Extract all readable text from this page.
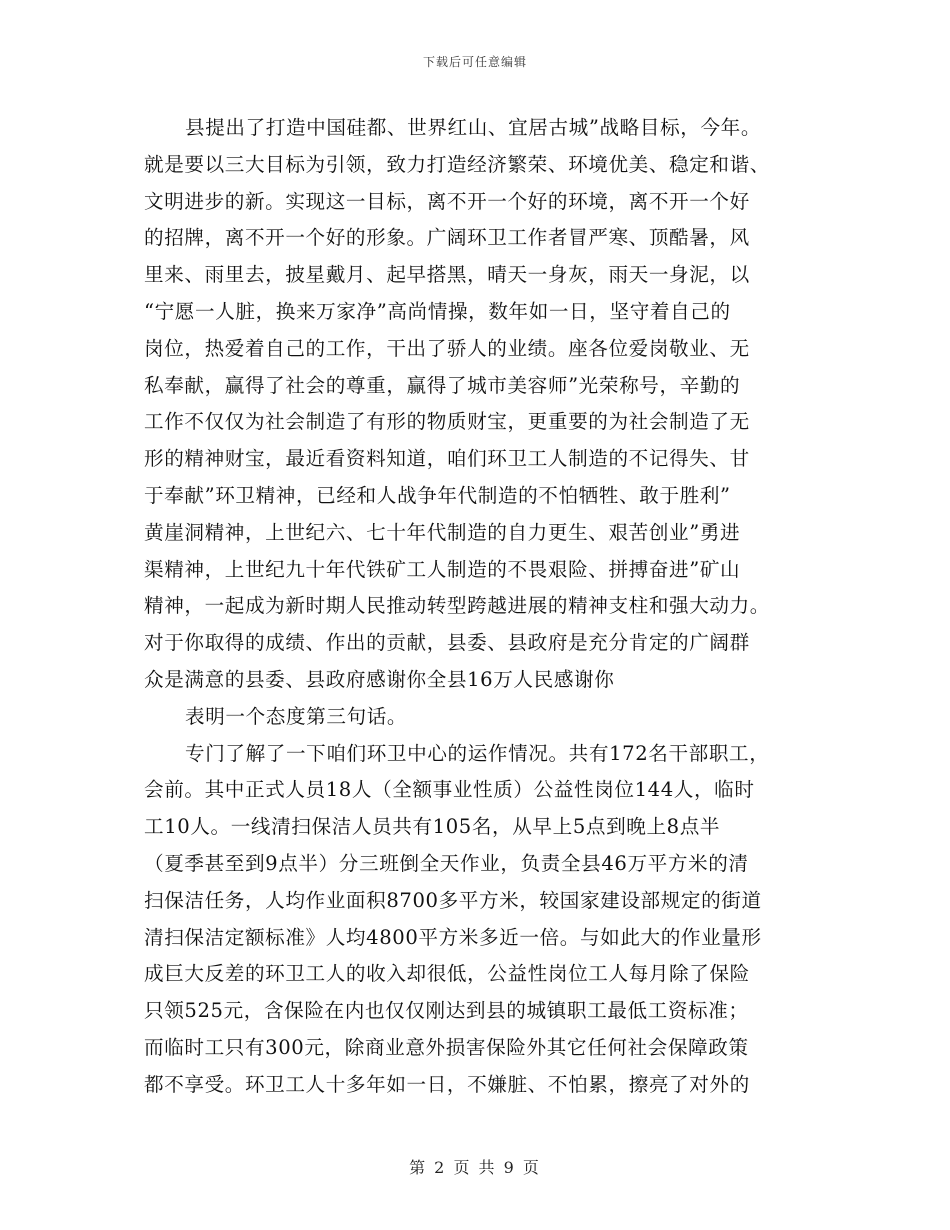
下载后可任意编辑

县提出了打造中国硅都、世界红山、宜居古城”战略目标，今年。
就是要以三大目标为引领，致力打造经济繁荣、环境优美、稳定和谐、
文明进步的新。实现这一目标，离不开一个好的环境，离不开一个好
的招牌，离不开一个好的形象。广阔环卫工作者冒严寒、顶酷暑，风
里来、雨里去，披星戴月、起早搭黑，晴天一身灰，雨天一身泥，以
“宁愿一人脏，换来万家净”高尚情操，数年如一日，坚守着自己的
岗位，热爱着自己的工作，干出了骄人的业绩。座各位爱岗敬业、无
私奉献，赢得了社会的尊重，赢得了城市美容师”光荣称号，辛勤的
工作不仅仅为社会制造了有形的物质财宝，更重要的为社会制造了无
形的精神财宝，最近看资料知道，咱们环卫工人制造的不记得失、甘
于奉献”环卫精神，已经和人战争年代制造的不怕牺牲、敢于胜利”
黄崖洞精神，上世纪六、七十年代制造的自力更生、艰苦创业”勇进
渠精神，上世纪九十年代铁矿工人制造的不畏艰险、拼搏奋进”矿山
精神，一起成为新时期人民推动转型跨越进展的精神支柱和强大动力。
对于你取得的成绩、作出的贡献，县委、县政府是充分肯定的广阔群
众是满意的县委、县政府感谢你全县16万人民感谢你

表明一个态度第三句话。

专门了解了一下咱们环卫中心的运作情况。共有172名干部职工，
会前。其中正式人员18人（全额事业性质）公益性岗位144人，临时
工10人。一线清扫保洁人员共有105名，从早上5点到晚上8点半
（夏季甚至到9点半）分三班倒全天作业，负责全县46万平方米的清
扫保洁任务，人均作业面积8700多平方米，较国家建设部规定的街道
清扫保洁定额标准》人均4800平方米多近一倍。与如此大的作业量形
成巨大反差的环卫工人的收入却很低，公益性岗位工人每月除了保险
只领525元，含保险在内也仅仅刚达到县的城镇职工最低工资标准；
而临时工只有300元，除商业意外损害保险外其它任何社会保障政策
都不享受。环卫工人十多年如一日，不嫌脏、不怕累，擦亮了对外的

第 2 页 共 9 页
